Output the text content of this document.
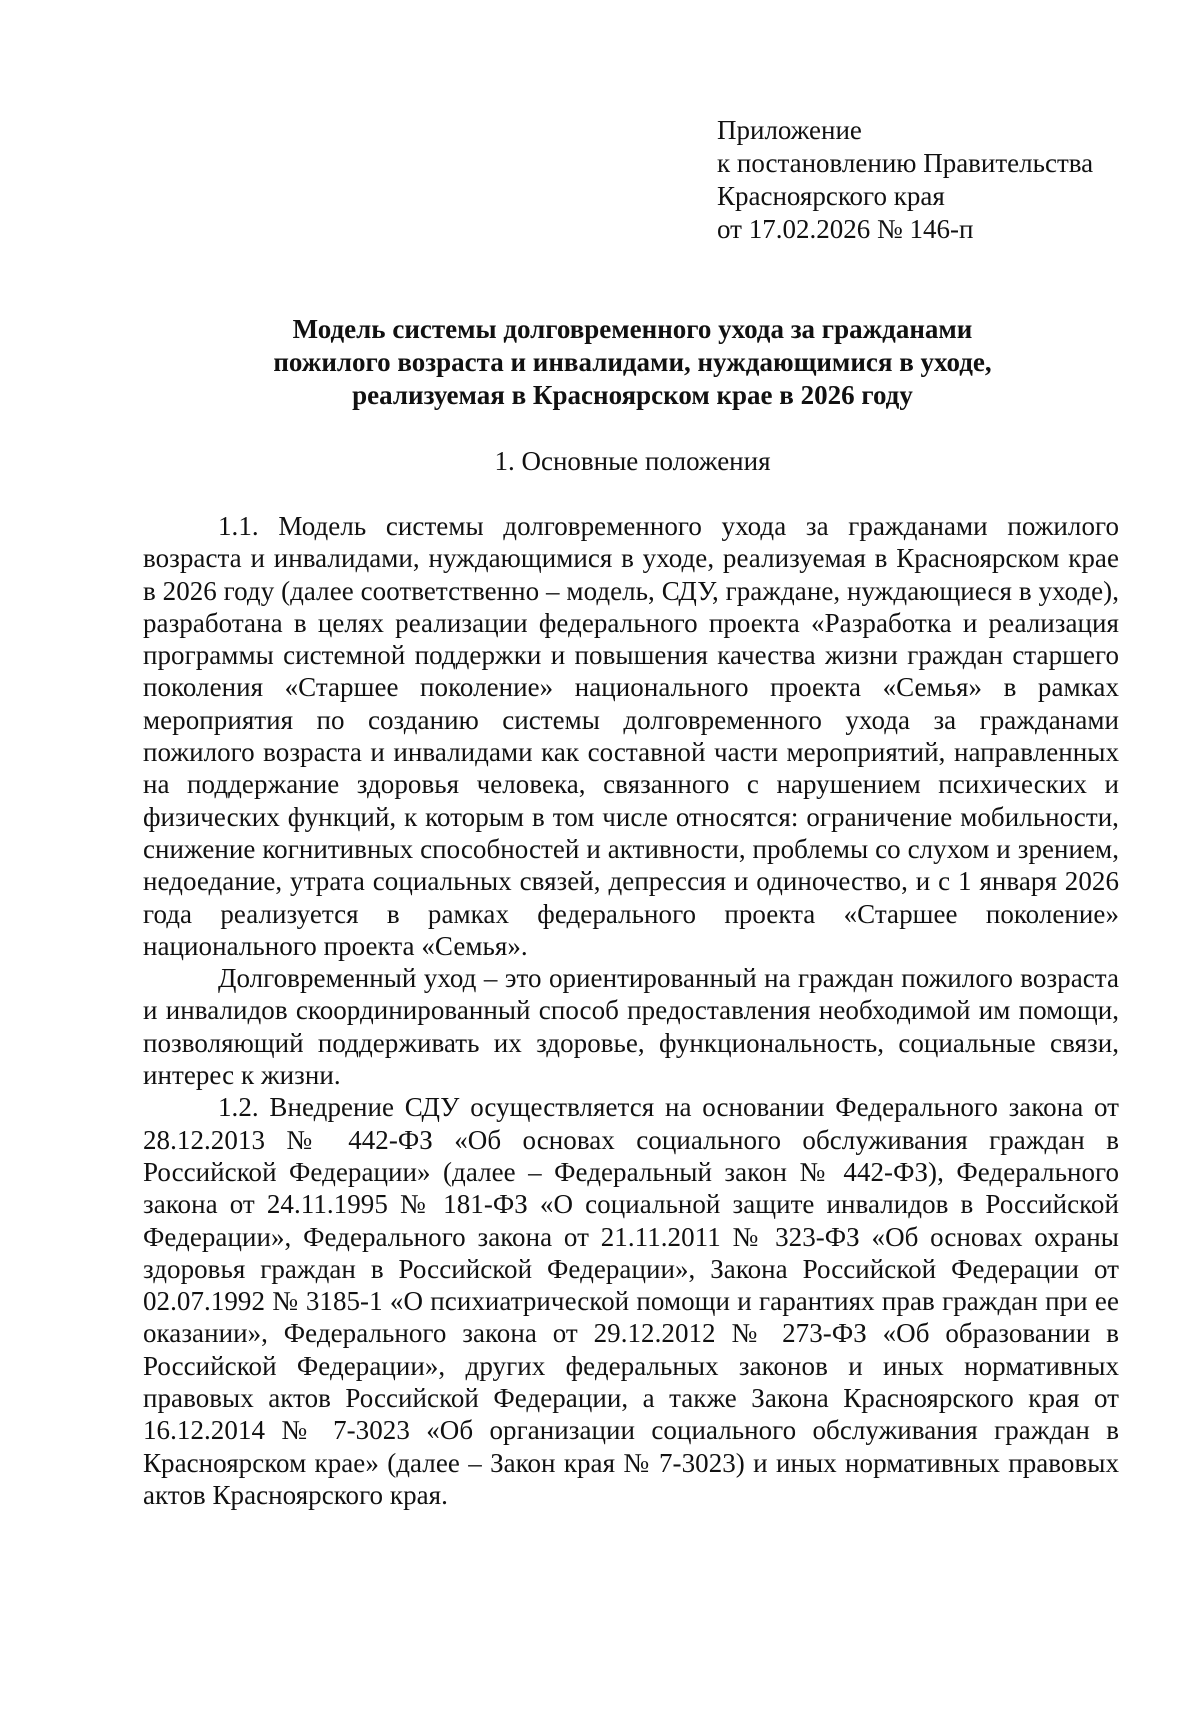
Приложение
к постановлению Правительства
Красноярского края
от 17.02.2026 № 146-п
Модель системы долговременного ухода за гражданами
пожилого возраста и инвалидами, нуждающимися в уходе,
реализуемая в Красноярском крае в 2026 году
1. Основные положения

1.1. Модель системы долговременного ухода за гражданами пожилого возраста и инвалидами, нуждающимися в уходе, реализуемая в Красноярском крае в 2026 году (далее соответственно – модель, СДУ, граждане, нуждающиеся в уходе), разработана в целях реализации федерального проекта «Разработка и реализация программы системной поддержки и повышения качества жизни граждан старшего поколения «Старшее поколение» национального проекта «Семья» в рамках мероприятия по созданию системы долговременного ухода за гражданами пожилого возраста и инвалидами как составной части мероприятий, направленных на поддержание здоровья человека, связанного с нарушением психических и физических функций, к которым в том числе относятся: ограничение мобильности, снижение когнитивных способностей и активности, проблемы со слухом и зрением, недоедание, утрата социальных связей, депрессия и одиночество, и с 1 января 2026 года реализуется в рамках федерального проекта «Старшее поколение» национального проекта «Семья».

Долговременный уход – это ориентированный на граждан пожилого возраста и инвалидов скоординированный способ предоставления необходимой им помощи, позволяющий поддерживать их здоровье, функциональность, социальные связи, интерес к жизни.

1.2. Внедрение СДУ осуществляется на основании Федерального закона от 28.12.2013 № 442-ФЗ «Об основах социального обслуживания граждан в Российской Федерации» (далее – Федеральный закон № 442-ФЗ), Федерального закона от 24.11.1995 № 181-ФЗ «О социальной защите инвалидов в Российской Федерации», Федерального закона от 21.11.2011 № 323-ФЗ «Об основах охраны здоровья граждан в Российской Федерации», Закона Российской Федерации от 02.07.1992 № 3185-1 «О психиатрической помощи и гарантиях прав граждан при ее оказании», Федерального закона от 29.12.2012 № 273-ФЗ «Об образовании в Российской Федерации», других федеральных законов и иных нормативных правовых актов Российской Федерации, а также Закона Красноярского края от 16.12.2014 № 7-3023 «Об организации социального обслуживания граждан в Красноярском крае» (далее – Закон края № 7-3023) и иных нормативных правовых актов Красноярского края.
